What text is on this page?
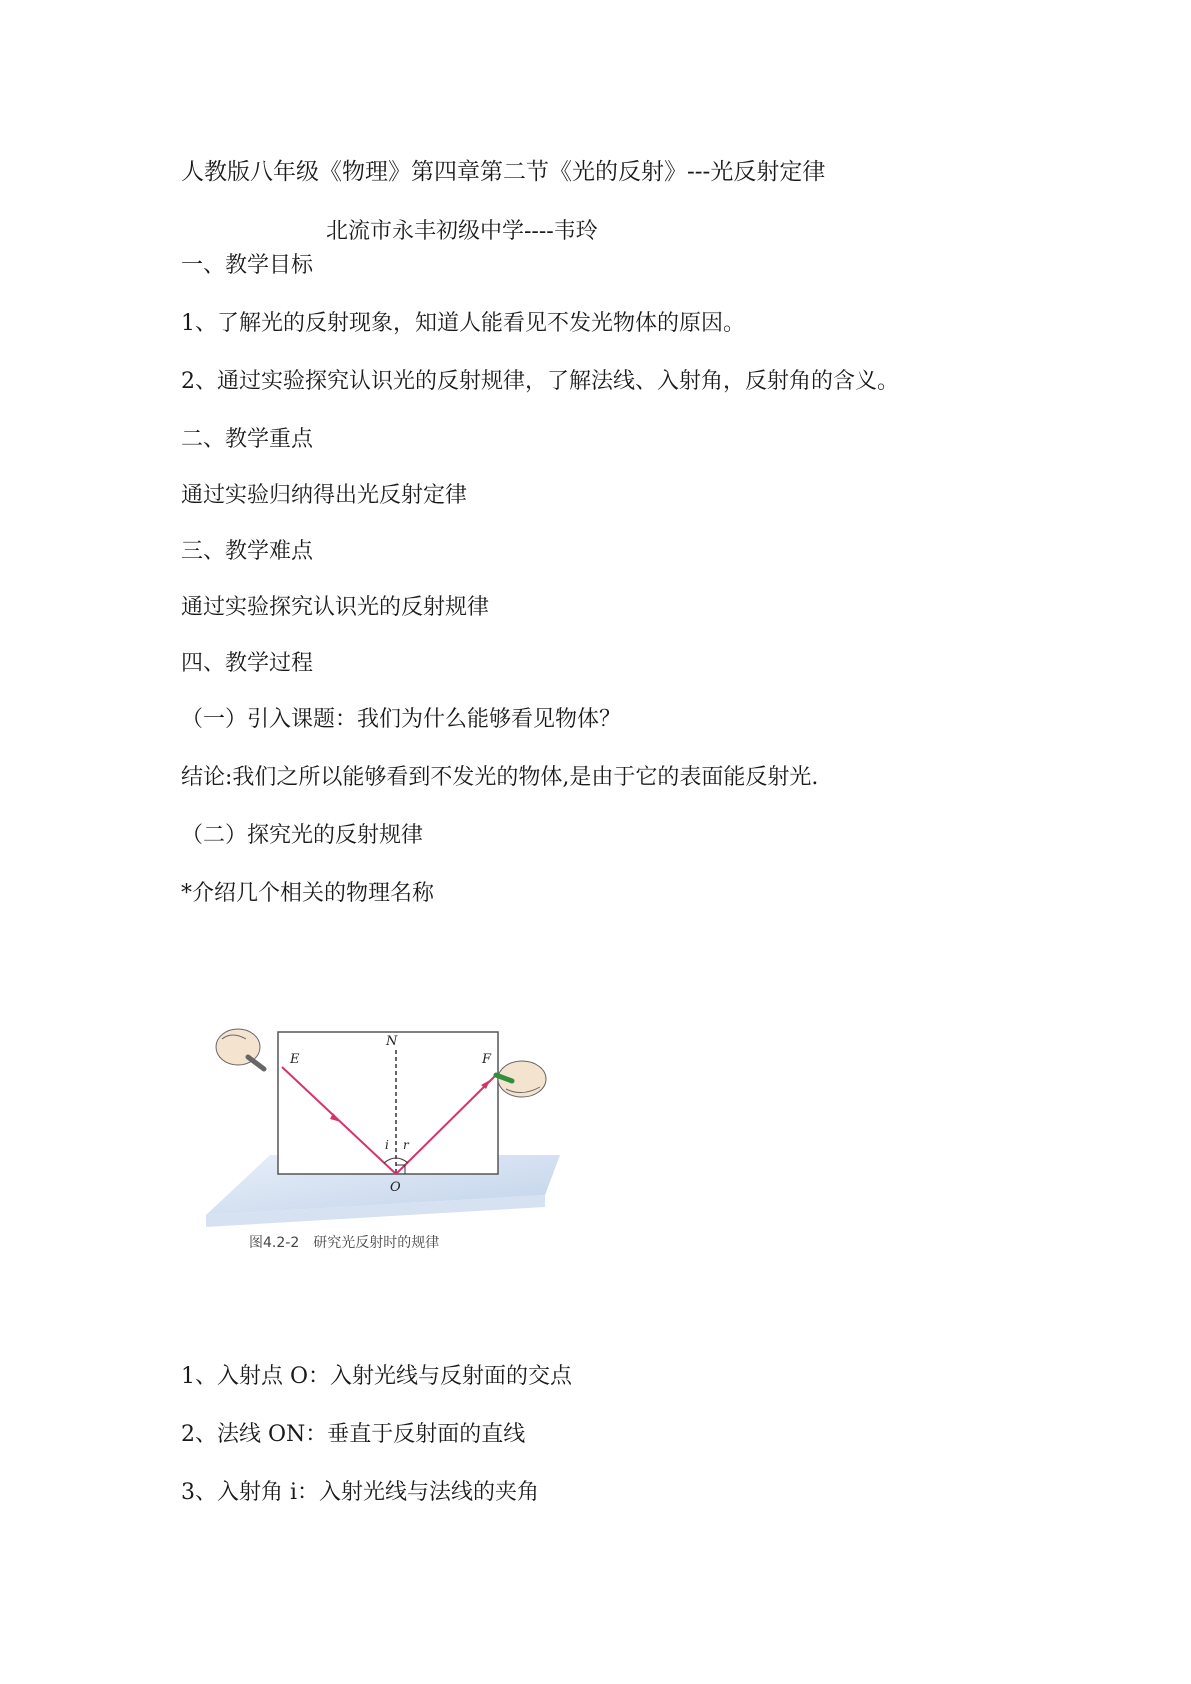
人教版八年级《物理》第四章第二节《光的反射》---光反射定律
北流市永丰初级中学----韦玲
一、教学目标
1、了解光的反射现象，知道人能看见不发光物体的原因。
2、通过实验探究认识光的反射规律，了解法线、入射角，反射角的含义。
二、教学重点
通过实验归纳得出光反射定律
三、教学难点
通过实验探究认识光的反射规律
四、教学过程
（一）引入课题：我们为什么能够看见物体？
结论:我们之所以能够看到不发光的物体,是由于它的表面能反射光.
（二）探究光的反射规律
*介绍几个相关的物理名称
N
E	F
O
i r
图4.2-2　研究光反射时的规律
1、入射点 O：入射光线与反射面的交点
2、法线 ON：垂直于反射面的直线
3、入射角 i：入射光线与法线的夹角
